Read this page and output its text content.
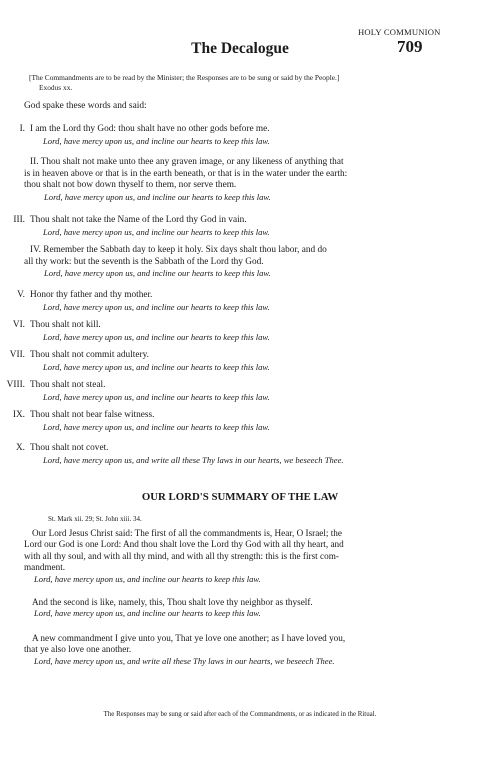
HOLY COMMUNION
The Decalogue	709
[The Commandments are to be read by the Minister; the Responses are to be sung or said by the People.]
Exodus xx.
God spake these words and said:
I. I am the Lord thy God: thou shalt have no other gods before me.
Lord, have mercy upon us, and incline our hearts to keep this law.
II. Thou shalt not make unto thee any graven image, or any likeness of anything that
is in heaven above or that is in the earth beneath, or that is in the water under the earth:
thou shalt not bow down thyself to them, nor serve them.
Lord, have mercy upon us, and incline our hearts to keep this law.
III. Thou shalt not take the Name of the Lord thy God in vain.
Lord, have mercy upon us, and incline our hearts to keep this law.
IV. Remember the Sabbath day to keep it holy. Six days shalt thou labor, and do
all thy work: but the seventh is the Sabbath of the Lord thy God.
Lord, have mercy upon us, and incline our hearts to keep this law.
V. Honor thy father and thy mother.
Lord, have mercy upon us, and incline our hearts to keep this law.
VI. Thou shalt not kill.
Lord, have mercy upon us, and incline our hearts to keep this law.
VII. Thou shalt not commit adultery.
Lord, have mercy upon us, and incline our hearts to keep this law.
VIII. Thou shalt not steal.
Lord, have mercy upon us, and incline our hearts to keep this law.
IX. Thou shalt not bear false witness.
Lord, have mercy upon us, and incline our hearts to keep this law.
X. Thou shalt not covet.
Lord, have mercy upon us, and write all these Thy laws in our hearts, we beseech Thee.
OUR LORD'S SUMMARY OF THE LAW
St. Mark xii. 29; St. John xiii. 34.
Our Lord Jesus Christ said: The first of all the commandments is, Hear, O Israel; the
Lord our God is one Lord: And thou shalt love the Lord thy God with all thy heart, and
with all thy soul, and with all thy mind, and with all thy strength: this is the first com-
mandment.
Lord, have mercy upon us, and incline our hearts to keep this law.
And the second is like, namely, this, Thou shalt love thy neighbor as thyself.
Lord, have mercy upon us, and incline our hearts to keep this law.
A new commandment I give unto you, That ye love one another; as I have loved you,
that ye also love one another.
Lord, have mercy upon us, and write all these Thy laws in our hearts, we beseech Thee.
The Responses may be sung or said after each of the Commandments, or as indicated in the Ritual.
